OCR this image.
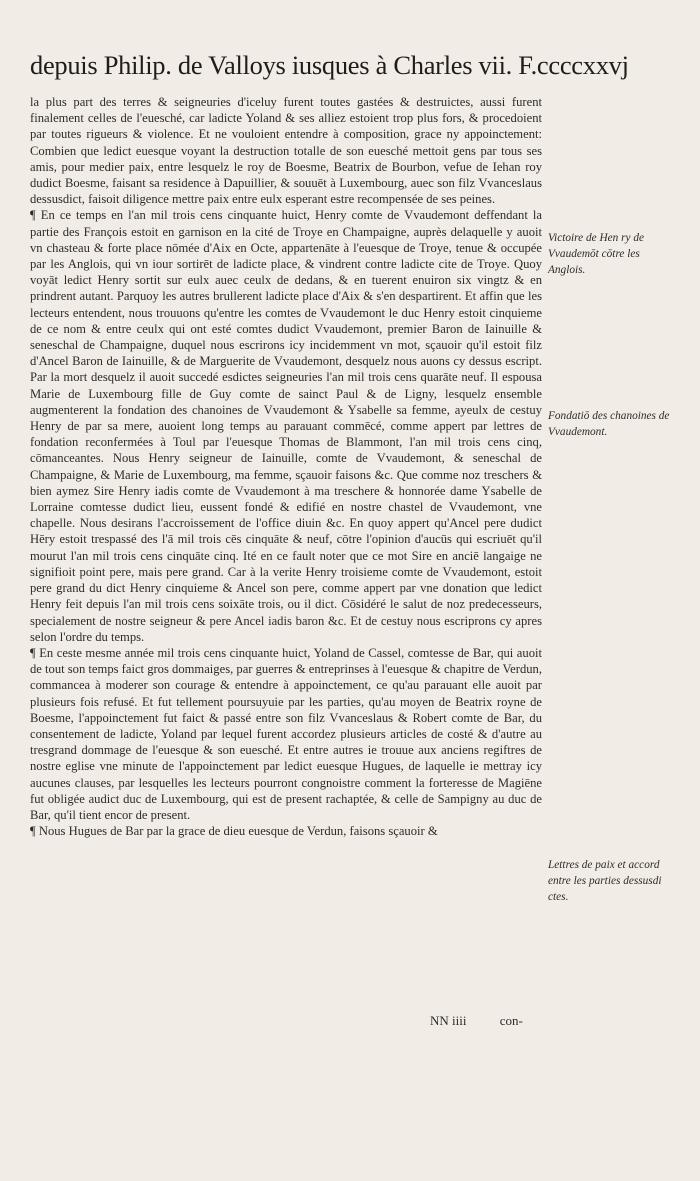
depuis Philip. de Valloys iusques à Charles vii. F.ccccxxvj

la plus part des terres & seigneuries d'iceluy furent toutes gastées & destruictes, aussi furent finalement celles de l'euesché, car ladicte Yoland & ses alliez estoient trop plus fors, & procedoient par toutes rigueurs & violence. Et ne vouloient entendre à composition, grace ny appoinctement: Combien que ledict euesque voyant la destruction totalle de son euesché mettoit gens par tous ses amis, pour medier paix, entre lesquelz le roy de Boesme, Beatrix de Bourbon, vefue de Iehan roy dudict Boesme, faisant sa residence à Dapuillier, & souuēt à Luxembourg, auec son filz Vvanceslaus dessusdict, faisoit diligence mettre paix entre eulx esperant estre recompensée de ses peines.

¶ En ce temps en l'an mil trois cens cinquante huict, Henry comte de Vvaudemont deffendant la partie des François estoit en garnison en la cité de Troye en Champaigne, auprès delaquelle y auoit vn chasteau & forte place nōmée d'Aix en Octe, appartenāte à l'euesque de Troye, tenue & occupée par les Anglois, qui vn iour sortirēt de ladicte place, & vindrent contre ladicte cite de Troye. Quoy voyāt ledict Henry sortit sur eulx auec ceulx de dedans, & en tuerent enuiron six vingtz & en prindrent autant. Parquoy les autres brullerent ladicte place d'Aix & s'en despartirent. Et affin que les lecteurs entendent, nous trouuons qu'entre les comtes de Vvaudemont le duc Henry estoit cinquieme de ce nom & entre ceulx qui ont esté comtes dudict Vvaudemont, premier Baron de Iainuille & seneschal de Champaigne, duquel nous escrirons icy incidemment vn mot, sçauoir qu'il estoit filz d'Ancel Baron de Iainuille, & de Marguerite de Vvaudemont, desquelz nous auons cy dessus escript. Par la mort desquelz il auoit succedé esdictes seigneuries l'an mil trois cens quarāte neuf. Il espousa Marie de Luxembourg fille de Guy comte de sainct Paul & de Ligny, lesquelz ensemble augmenterent la fondation des chanoines de Vvaudemont & Ysabelle sa femme, ayeulx de cestuy Henry de par sa mere, auoient long temps au parauant commēcé, comme appert par lettres de fondation reconfermées à Toul par l'euesque Thomas de Blammont, l'an mil trois cens cinq, cōmanceantes. Nous Henry seigneur de Iainuille, comte de Vvaudemont, & seneschal de Champaigne, & Marie de Luxembourg, ma femme, sçauoir faisons &c. Que comme noz treschers & bien aymez Sire Henry iadis comte de Vvaudemont à ma treschere & honnorée dame Ysabelle de Lorraine comtesse dudict lieu, eussent fondé & edifié en nostre chastel de Vvaudemont, vne chapelle. Nous desirans l'accroissement de l'office diuin &c. En quoy appert qu'Ancel pere dudict Hēry estoit trespassé des l'ā mil trois cēs cinquāte & neuf, cōtre l'opinion d'aucūs qui escriuēt qu'il mourut l'an mil trois cens cinquāte cinq. Ité en ce fault noter que ce mot Sire en anciē langaige ne signifioit point pere, mais pere grand. Car à la verite Henry troisieme comte de Vvaudemont, estoit pere grand du dict Henry cinquieme & Ancel son pere, comme appert par vne donation que ledict Henry feit depuis l'an mil trois cens soixāte trois, ou il dict. Cōsidéré le salut de noz predecesseurs, specialement de nostre seigneur & pere Ancel iadis baron &c. Et de cestuy nous escriprons cy apres selon l'ordre du temps.

¶ En ceste mesme année mil trois cens cinquante huict, Yoland de Cassel, comtesse de Bar, qui auoit de tout son temps faict gros dommaiges, par guerres & entreprinses à l'euesque & chapitre de Verdun, commancea à moderer son courage & entendre à appoinctement, ce qu'au parauant elle auoit par plusieurs fois refusé. Et fut tellement poursuyuie par les parties, qu'au moyen de Beatrix royne de Boesme, l'appoinctement fut faict & passé entre son filz Vvanceslaus & Robert comte de Bar, du consentement de ladicte, Yoland par lequel furent accordez plusieurs articles de costé & d'autre au tresgrand dommage de l'euesque & son euesché. Et entre autres ie trouue aux anciens regiftres de nostre eglise vne minute de l'appoinctement par ledict euesque Hugues, de laquelle ie mettray icy aucunes clauses, par lesquelles les lecteurs pourront congnoistre comment la forteresse de Magiēne fut obligée audict duc de Luxembourg, qui est de present rachaptée, & celle de Sampigny au duc de Bar, qu'il tient encor de present.

¶ Nous Hugues de Bar par la grace de dieu euesque de Verdun, faisons sçauoir &

Victoire de Hen ry de Vvaudemōt cōtre les Anglois.
Fondatiō des chanoines de Vvaudemont.
Lettres de paix et accord entre les parties dessusdi ctes.
NN iiii	con-
